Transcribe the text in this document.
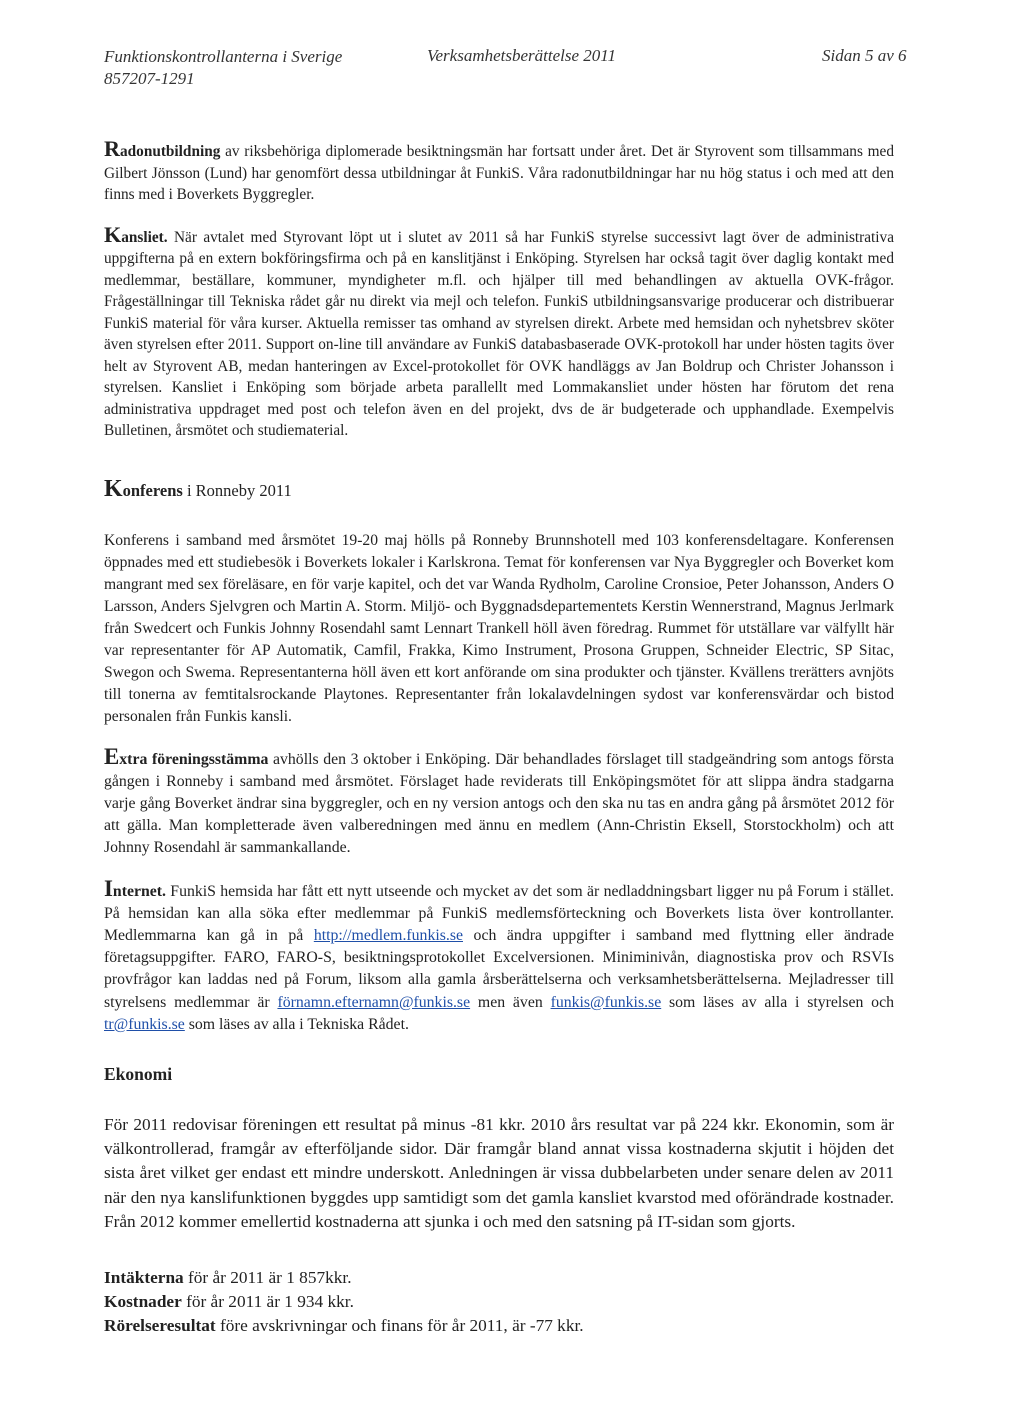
Funktionskontrollanterna i Sverige
857207-1291
Verksamhetsberättelse 2011	Sidan 5 av 6

Radonutbildning av riksbehöriga diplomerade besiktningsmän har fortsatt under året. Det är Styrovent som tillsammans med Gilbert Jönsson (Lund) har genomfört dessa utbildningar åt FunkiS. Våra radonutbildningar har nu hög status i och med att den finns med i Boverkets Byggregler.

Kansliet. När avtalet med Styrovant löpt ut i slutet av 2011 så har FunkiS styrelse successivt lagt över de administrativa uppgifterna på en extern bokföringsfirma och på en kanslitjänst i Enköping. Styrelsen har också tagit över daglig kontakt med medlemmar, beställare, kommuner, myndigheter m.fl. och hjälper till med behandlingen av aktuella OVK-frågor. Frågeställningar till Tekniska rådet går nu direkt via mejl och telefon. FunkiS utbildningsansvarige producerar och distribuerar FunkiS material för våra kurser. Aktuella remisser tas omhand av styrelsen direkt. Arbete med hemsidan och nyhetsbrev sköter även styrelsen efter 2011. Support on-line till användare av FunkiS databasbaserade OVK-protokoll har under hösten tagits över helt av Styrovent AB, medan hanteringen av Excel-protokollet för OVK handläggs av Jan Boldrup och Christer Johansson i styrelsen. Kansliet i Enköping som började arbeta parallellt med Lommakansliet under hösten har förutom det rena administrativa uppdraget med post och telefon även en del projekt, dvs de är budgeterade och upphandlade. Exempelvis Bulletinen, årsmötet och studiematerial.

Konferens i Ronneby 2011

Konferens i samband med årsmötet 19-20 maj hölls på Ronneby Brunnshotell med 103 konferensdeltagare. Konferensen öppnades med ett studiebesök i Boverkets lokaler i Karlskrona. Temat för konferensen var Nya Byggregler och Boverket kom mangrant med sex föreläsare, en för varje kapitel, och det var Wanda Rydholm, Caroline Cronsioe, Peter Johansson, Anders O Larsson, Anders Sjelvgren och Martin A. Storm. Miljö- och Byggnadsdepartementets Kerstin Wennerstrand, Magnus Jerlmark från Swedcert och Funkis Johnny Rosendahl samt Lennart Trankell höll även föredrag. Rummet för utställare var välfyllt här var representanter för AP Automatik, Camfil, Frakka, Kimo Instrument, Prosona Gruppen, Schneider Electric, SP Sitac, Swegon och Swema. Representanterna höll även ett kort anförande om sina produkter och tjänster. Kvällens trerätters avnjöts till tonerna av femtitalsrockande Playtones. Representanter från lokalavdelningen sydost var konferensvärdar och bistod personalen från Funkis kansli.

Extra föreningsstämma avhölls den 3 oktober i Enköping. Där behandlades förslaget till stadgeändring som antogs första gången i Ronneby i samband med årsmötet. Förslaget hade reviderats till Enköpingsmötet för att slippa ändra stadgarna varje gång Boverket ändrar sina byggregler, och en ny version antogs och den ska nu tas en andra gång på årsmötet 2012 för att gälla. Man kompletterade även valberedningen med ännu en medlem (Ann-Christin Eksell, Storstockholm) och att Johnny Rosendahl är sammankallande.

Internet. FunkiS hemsida har fått ett nytt utseende och mycket av det som är nedladdningsbart ligger nu på Forum i stället. På hemsidan kan alla söka efter medlemmar på FunkiS medlemsförteckning och Boverkets lista över kontrollanter. Medlemmarna kan gå in på http://medlem.funkis.se och ändra uppgifter i samband med flyttning eller ändrade företagsuppgifter. FARO, FARO-S, besiktningsprotokollet Excelversionen. Miniminivån, diagnostiska prov och RSVIs provfrågor kan laddas ned på Forum, liksom alla gamla årsberättelserna och verksamhetsberättelserna. Mejladresser till styrelsens medlemmar är förnamn.efternamn@funkis.se men även funkis@funkis.se som läses av alla i styrelsen och tr@funkis.se som läses av alla i Tekniska Rådet.

Ekonomi

För 2011 redovisar föreningen ett resultat på minus -81 kkr. 2010 års resultat var på 224 kkr. Ekonomin, som är välkontrollerad, framgår av efterföljande sidor. Där framgår bland annat vissa kostnaderna skjutit i höjden det sista året vilket ger endast ett mindre underskott. Anledningen är vissa dubbelarbeten under senare delen av 2011 när den nya kanslifunktionen byggdes upp samtidigt som det gamla kansliet kvarstod med oförändrade kostnader. Från 2012 kommer emellertid kostnaderna att sjunka i och med den satsning på IT-sidan som gjorts.

Intäkterna för år 2011 är 1 857kkr.

Kostnader för år 2011 är 1 934 kkr.

Rörelseresultat före avskrivningar och finans för år 2011, är -77 kkr.
